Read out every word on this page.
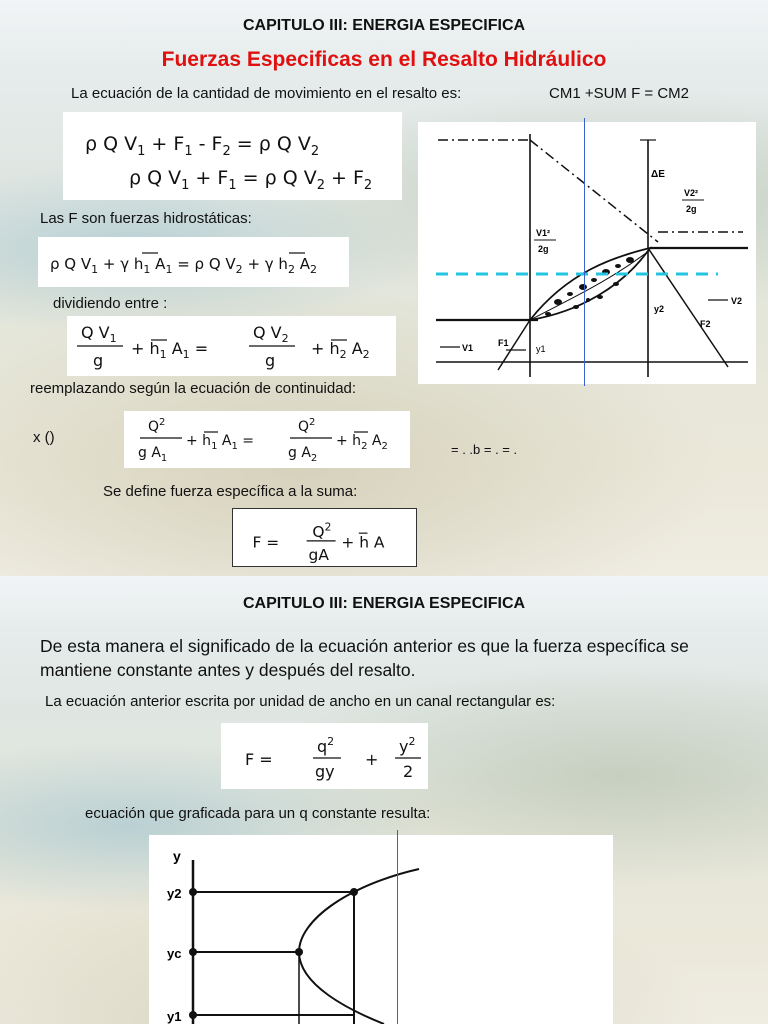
CAPITULO III: ENERGIA ESPECIFICA
Fuerzas Especificas en el Resalto Hidráulico
La ecuación de la cantidad de movimiento en el resalto es:	CM1 +SUM F = CM2
ρ Q $V_1 + F_1 - F_2 = \rho$ Q $V_2$
ρ Q $V_1 + F_1 = \rho$ Q $V_2 + F_2$
Las F son fuerzas hidrostáticas:
ρ Q $V_1 + \gamma$ $h_1$ $A_1 = \rho$ Q $V_2 + \gamma$ $h_2$ $A_2$
dividiendo entre :
Q $V_1$
g
+ $h_1$ $A_1$ =
Q $V_2$
g
+ $h_2$ $A_2$
reemplazando según la ecuación de continuidad:
x ()
$Q^2$
g $A_1$
+ $h_1$ $A_1$ =
$Q^2$
g $A_2$
+ $h_2$ $A_2$	= . .b = . = .
Se define fuerza específica a la suma:
F =
$Q^2$
gA
+ h A
ΔE
y1
y2
V1
V2
F1
F2
V1²
2g
V2²
2g
CAPITULO III: ENERGIA ESPECIFICA
De esta manera el significado de la ecuación anterior es que la fuerza específica se mantiene constante antes y después del resalto.
La ecuación anterior escrita por unidad de ancho en un canal rectangular es:
F =
$q^2$
gy
+
$y^2$
2
ecuación que graficada para un q constante resulta:
y
y2
yc
y1
